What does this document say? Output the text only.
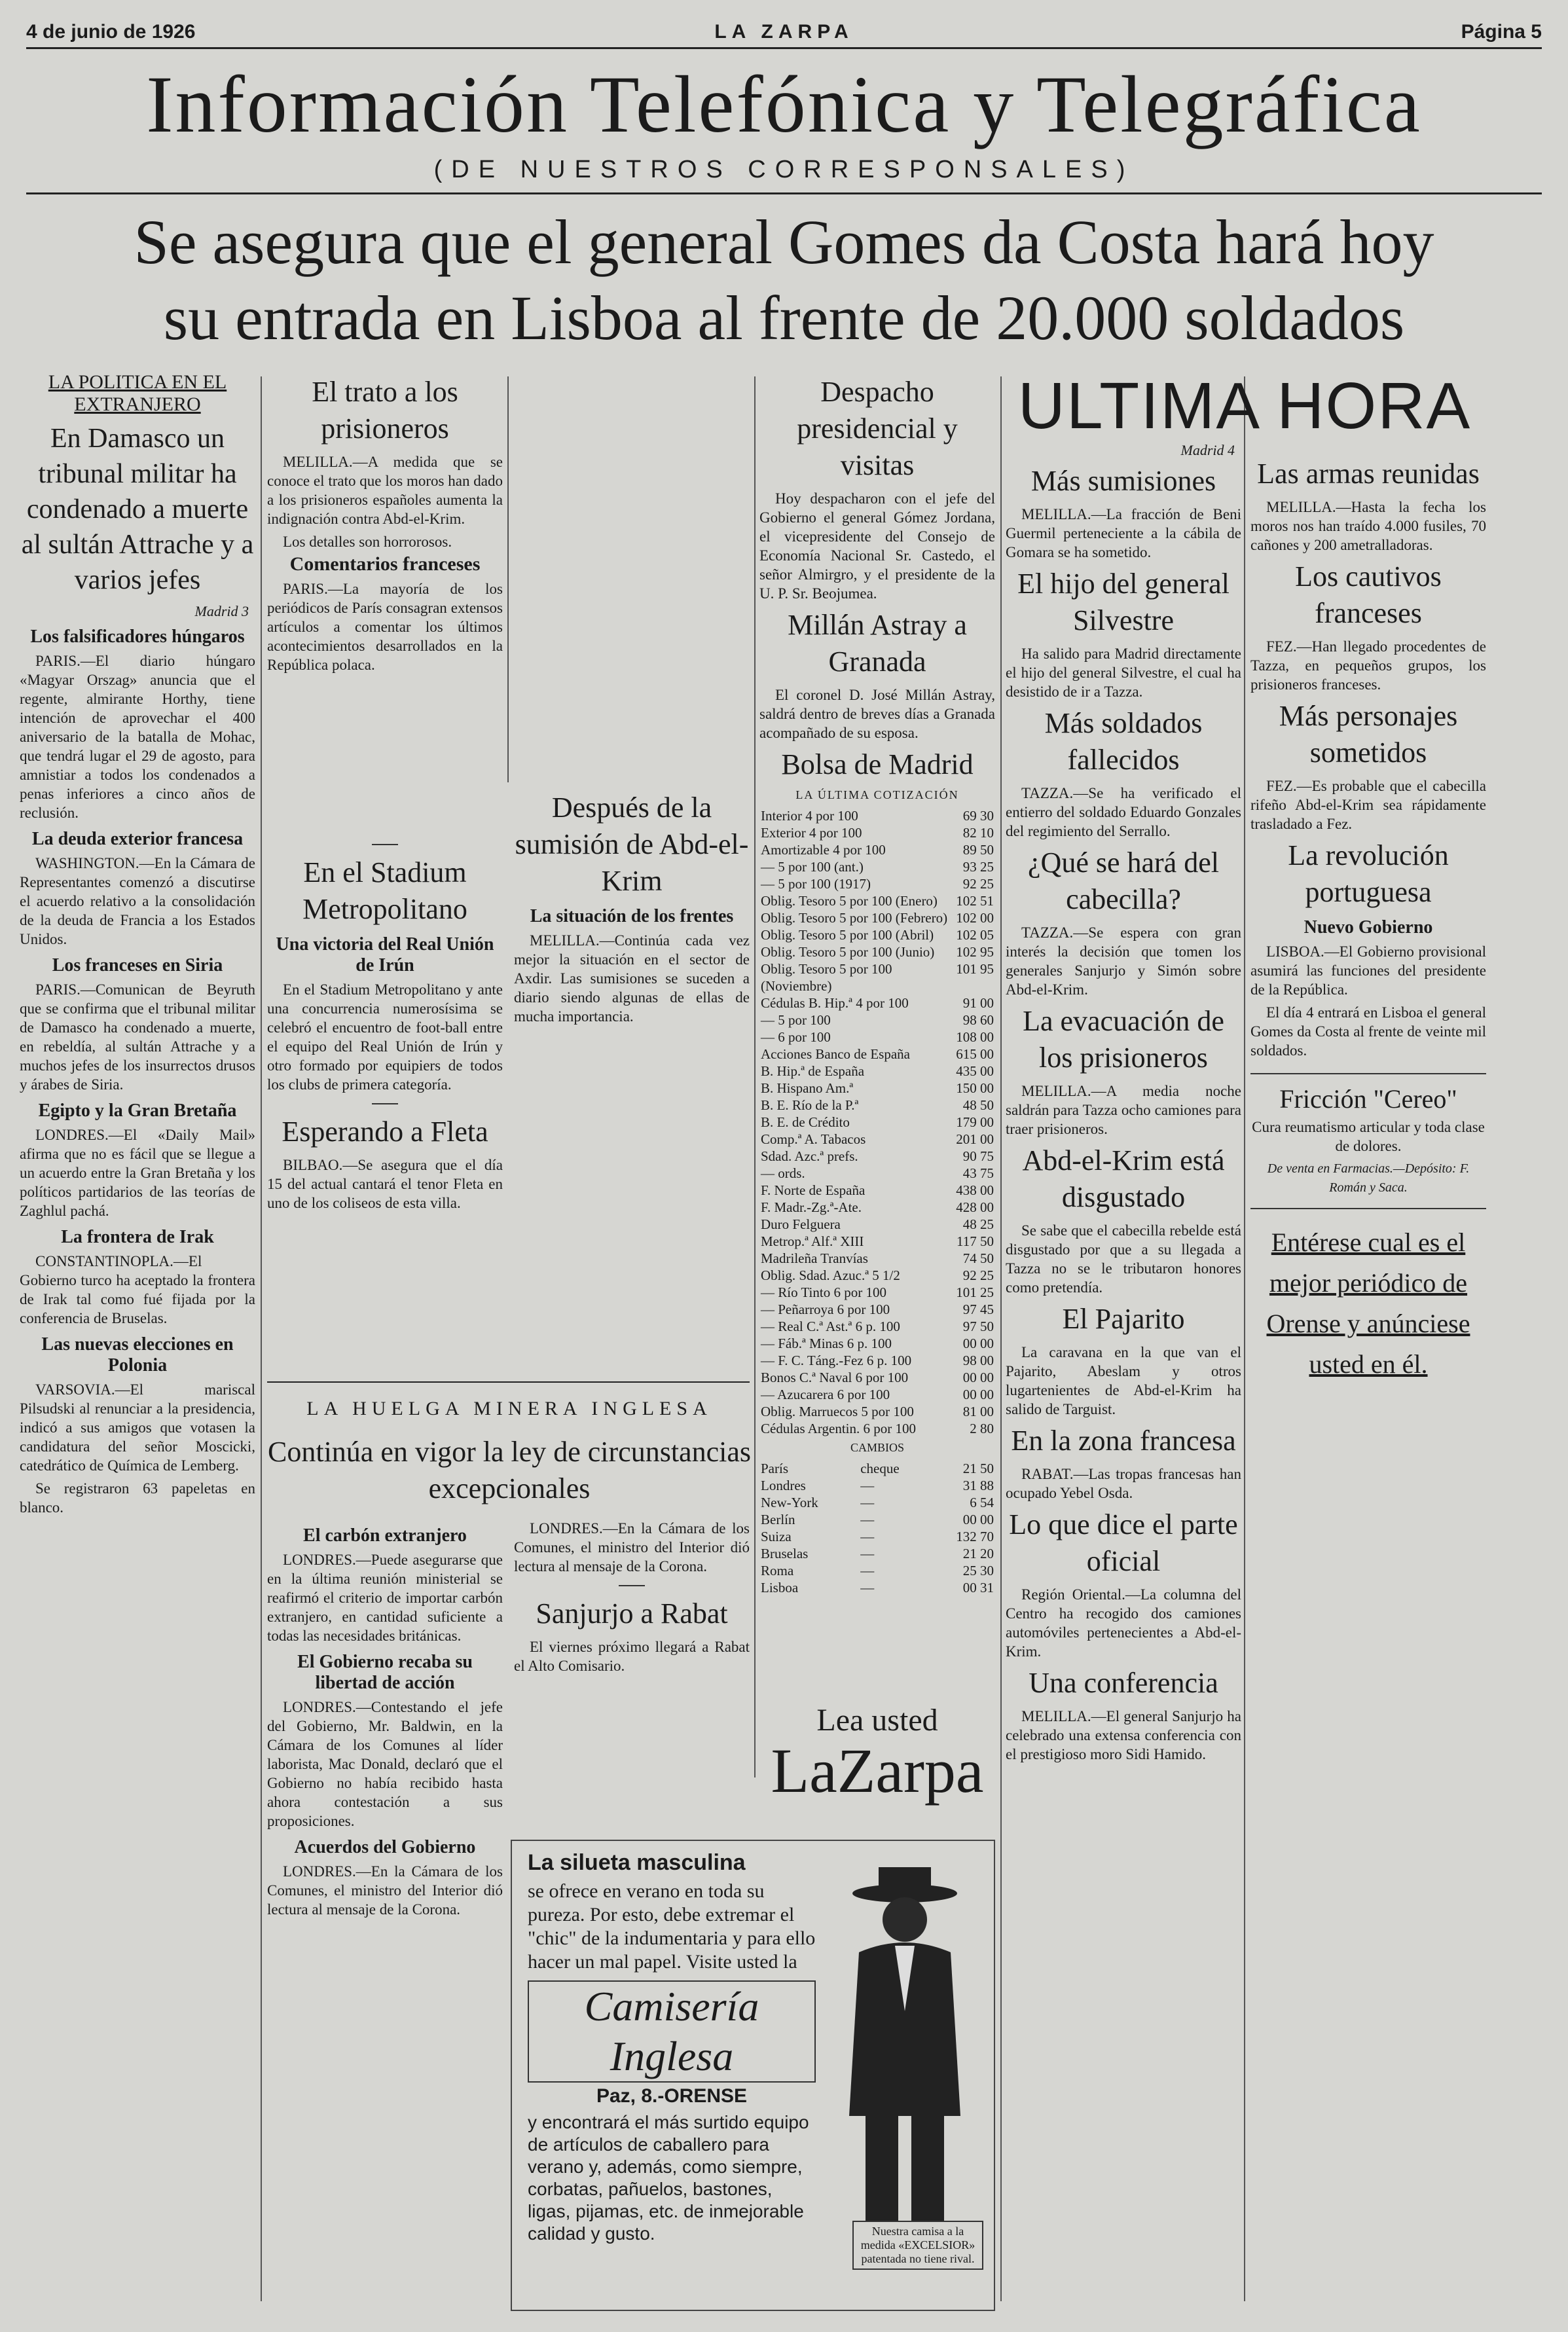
4 de junio de 1926	LA ZARPA	Página 5
Información Telefónica y Telegráfica
(DE NUESTROS CORRESPONSALES)
Se asegura que el general Gomes da Costa hará hoy
su entrada en Lisboa al frente de 20.000 soldados
LA POLITICA EN EL EXTRANJERO
En Damasco un tribunal militar ha condenado a muerte al sultán Attrache y a varios jefes
Madrid 3
Los falsificadores húngaros
PARIS.—El diario húngaro «Magyar Orszag» anuncia que el regente, almirante Horthy, tiene intención de aprovechar el 400 aniversario de la batalla de Mohac, que tendrá lugar el 29 de agosto, para amnistiar a todos los condenados a penas inferiores a cinco años de reclusión.
La deuda exterior francesa
WASHINGTON.—En la Cámara de Representantes comenzó a discutirse el acuerdo relativo a la consolidación de la deuda de Francia a los Estados Unidos.
Los franceses en Siria
PARIS.—Comunican de Beyruth que se confirma que el tribunal militar de Damasco ha condenado a muerte, en rebeldía, al sultán Attrache y a muchos jefes de los insurrectos drusos y árabes de Siria.
Egipto y la Gran Bretaña
LONDRES.—El «Daily Mail» afirma que no es fácil que se llegue a un acuerdo entre la Gran Bretaña y los políticos partidarios de las teorías de Zaghlul pachá.
La frontera de Irak
CONSTANTINOPLA.—El Gobierno turco ha aceptado la frontera de Irak tal como fué fijada por la conferencia de Bruselas.
Las nuevas elecciones en Polonia
VARSOVIA.—El mariscal Pilsudski al renunciar a la presidencia, indicó a sus amigos que votasen la candidatura del señor Moscicki, catedrático de Química de Lemberg.
Se registraron 63 papeletas en blanco.
El trato a los prisioneros
MELILLA.—A medida que se conoce el trato que los moros han dado a los prisioneros españoles aumenta la indignación contra Abd-el-Krim.
Los detalles son horrorosos.
Comentarios franceses
PARIS.—La mayoría de los periódicos de París consagran extensos artículos a comentar los últimos acontecimientos desarrollados en la República polaca.
Despacho presidencial y visitas
Hoy despacharon con el jefe del Gobierno el general Gómez Jordana, el vicepresidente del Consejo de Economía Nacional Sr. Castedo, el señor Almirgro, y el presidente de la U. P. Sr. Beojumea.
Millán Astray a Granada
El coronel D. José Millán Astray, saldrá dentro de breves días a Granada acompañado de su esposa.
Bolsa de Madrid
LA ÚLTIMA COTIZACIÓN
Interior 4 por 100	69 30
Exterior 4 por 100	82 10
Amortizable 4 por 100	89 50
— 5 por 100 (ant.)	93 25
— 5 por 100 (1917)	92 25
Oblig. Tesoro 5 por 100 (Enero)	102 51
Oblig. Tesoro 5 por 100 (Febrero)	102 00
Oblig. Tesoro 5 por 100 (Abril)	102 05
Oblig. Tesoro 5 por 100 (Junio)	102 95
Oblig. Tesoro 5 por 100 (Noviembre)	101 95
Cédulas B. Hip.ª 4 por 100	91 00
— 5 por 100	98 60
— 6 por 100	108 00
Acciones Banco de España	615 00
B. Hip.ª de España	435 00
B. Hispano Am.ª	150 00
B. E. Río de la P.ª	48 50
B. E. de Crédito	179 00
Comp.ª A. Tabacos	201 00
Sdad. Azc.ª prefs.	90 75
— ords.	43 75
F. Norte de España	438 00
F. Madr.-Zg.ª-Ate.	428 00
Duro Felguera	48 25
Metrop.ª Alf.ª XIII	117 50
Madrileña Tranvías	74 50
Oblig. Sdad. Azuc.ª 5 1/2	92 25
— Río Tinto 6 por 100	101 25
— Peñarroya 6 por 100	97 45
— Real C.ª Ast.ª 6 p. 100	97 50
— Fáb.ª Minas 6 p. 100	00 00
— F. C. Táng.-Fez 6 p. 100	98 00
Bonos C.ª Naval 6 por 100	00 00
— Azucarera 6 por 100	00 00
Oblig. Marruecos 5 por 100	81 00
Cédulas Argentin. 6 por 100	2 80
CAMBIOS
París	cheque	21 50
Londres	—	31 88
New-York	—	6 54
Berlín	—	00 00
Suiza	—	132 70
Bruselas	—	21 20
Roma	—	25 30
Lisboa	—	00 31
Después de la sumisión de Abd-el-Krim
La situación de los frentes
MELILLA.—Continúa cada vez mejor la situación en el sector de Axdir. Las sumisiones se suceden a diario siendo algunas de ellas de mucha importancia.
En el Stadium Metropolitano
Una victoria del Real Unión de Irún
En el Stadium Metropolitano y ante una concurrencia numerosísima se celebró el encuentro de foot-ball entre el equipo del Real Unión de Irún y otro formado por equipiers de todos los clubs de primera categoría.
Esperando a Fleta
BILBAO.—Se asegura que el día 15 del actual cantará el tenor Fleta en uno de los coliseos de esta villa.
LA HUELGA MINERA INGLESA
Continúa en vigor la ley de circunstancias excepcionales
El carbón extranjero
LONDRES.—Puede asegurarse que en la última reunión ministerial se reafirmó el criterio de importar carbón extranjero, en cantidad suficiente a todas las necesidades británicas.
El Gobierno recaba su libertad de acción
LONDRES.—Contestando el jefe del Gobierno, Mr. Baldwin, en la Cámara de los Comunes al líder laborista, Mac Donald, declaró que el Gobierno no había recibido hasta ahora contestación a sus proposiciones.
Acuerdos del Gobierno
LONDRES.—En la Cámara de los Comunes, el ministro del Interior dió lectura al mensaje de la Corona.
LONDRES.—En la Cámara de los Comunes, el ministro del Interior dió lectura al mensaje de la Corona.
Sanjurjo a Rabat
El viernes próximo llegará a Rabat el Alto Comisario.
Lea usted
LaZarpa
La silueta masculina
se ofrece en verano en toda su pureza. Por esto, debe extremar el "chic" de la indumentaria y para ello hacer un mal papel. Visite usted la
Camisería Inglesa
Paz, 8.-ORENSE
y encontrará el más surtido equipo de artículos de caballero para verano y, además, como siempre, corbatas, pañuelos, bastones, ligas, pijamas, etc. de inmejorable calidad y gusto.	Nuestra camisa a la medida «EXCELSIOR» patentada no tiene rival.
ULTIMA HORA
Madrid 4
Más sumisiones
MELILLA.—La fracción de Beni Guermil perteneciente a la cábila de Gomara se ha sometido.
El hijo del general Silvestre
Ha salido para Madrid directamente el hijo del general Silvestre, el cual ha desistido de ir a Tazza.
Más soldados fallecidos
TAZZA.—Se ha verificado el entierro del soldado Eduardo Gonzales del regimiento del Serrallo.
¿Qué se hará del cabecilla?
TAZZA.—Se espera con gran interés la decisión que tomen los generales Sanjurjo y Simón sobre Abd-el-Krim.
La evacuación de los prisioneros
MELILLA.—A media noche saldrán para Tazza ocho camiones para traer prisioneros.
Abd-el-Krim está disgustado
Se sabe que el cabecilla rebelde está disgustado por que a su llegada a Tazza no se le tributaron honores como pretendía.
El Pajarito
La caravana en la que van el Pajarito, Abeslam y otros lugartenientes de Abd-el-Krim ha salido de Targuist.
En la zona francesa
RABAT.—Las tropas francesas han ocupado Yebel Osda.
Lo que dice el parte oficial
Región Oriental.—La columna del Centro ha recogido dos camiones automóviles pertenecientes a Abd-el-Krim.
Una conferencia
MELILLA.—El general Sanjurjo ha celebrado una extensa conferencia con el prestigioso moro Sidi Hamido.
Las armas reunidas
MELILLA.—Hasta la fecha los moros nos han traído 4.000 fusiles, 70 cañones y 200 ametralladoras.
Los cautivos franceses
FEZ.—Han llegado procedentes de Tazza, en pequeños grupos, los prisioneros franceses.
Más personajes sometidos
FEZ.—Es probable que el cabecilla rifeño Abd-el-Krim sea rápidamente trasladado a Fez.
La revolución portuguesa
Nuevo Gobierno
LISBOA.—El Gobierno provisional asumirá las funciones del presidente de la República.
El día 4 entrará en Lisboa el general Gomes da Costa al frente de veinte mil soldados.
Fricción "Cereo"
Cura reumatismo articular y toda clase de dolores.
De venta en Farmacias.—Depósito: F. Román y Saca.
Entérese cual es el mejor periódico de Orense y anúnciese usted en él.
